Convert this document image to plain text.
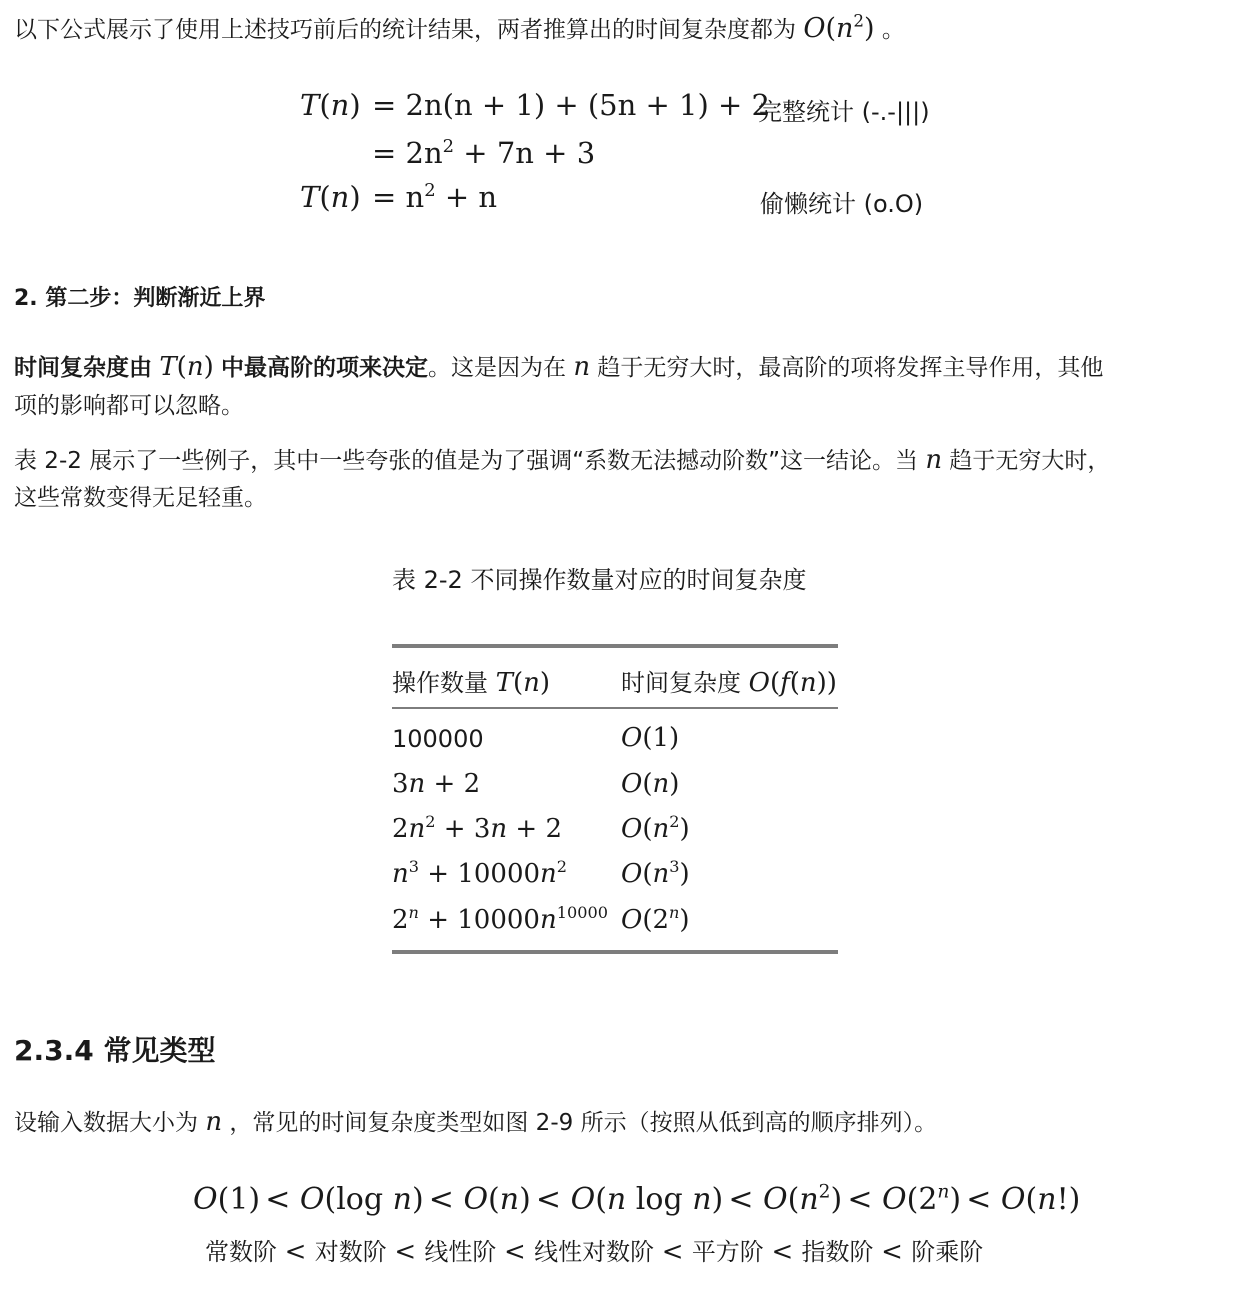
以下公式展示了使用上述技巧前后的统计结果，两者推算出的时间复杂度都为 $O(n^2)$ 。
T(n) = 2n(n + 1) + (5n + 1) + 2
完整统计 (-.-|||)
= $2n^2 + 7n + 3$
$T(n) = n^2 + n$	偷懒统计 (o.O)
2. 第二步：判断渐近上界
时间复杂度由 T(n) 中最高阶的项来决定。这是因为在 n 趋于无穷大时，最高阶的项将发挥主导作用，其他
项的影响都可以忽略。
表 2-2 展示了一些例子，其中一些夸张的值是为了强调“系数无法撼动阶数”这一结论。当 n 趋于无穷大时，
这些常数变得无足轻重。
表 2-2 不同操作数量对应的时间复杂度
操作数量 T(n)	时间复杂度 O(f(n))
100000	O(1)
3n + 2	O(n)
$2n^2 + 3n + 2$ $O(n^2)$
$n^3 + 10000n^2$ $O(n^3)$
$2^n + 10000n^{10000}$ O(2$^n$)
2.3.4 常见类型
设输入数据大小为 n ，常见的时间复杂度类型如图 2-9 所示（按照从低到高的顺序排列）。
O(1) < O(log n) < O(n) < O(n $\log n) < O(n^2) < O(2^n) < O(n!)$
常数阶 < 对数阶 < 线性阶 < 线性对数阶 < 平方阶 < 指数阶 < 阶乘阶
